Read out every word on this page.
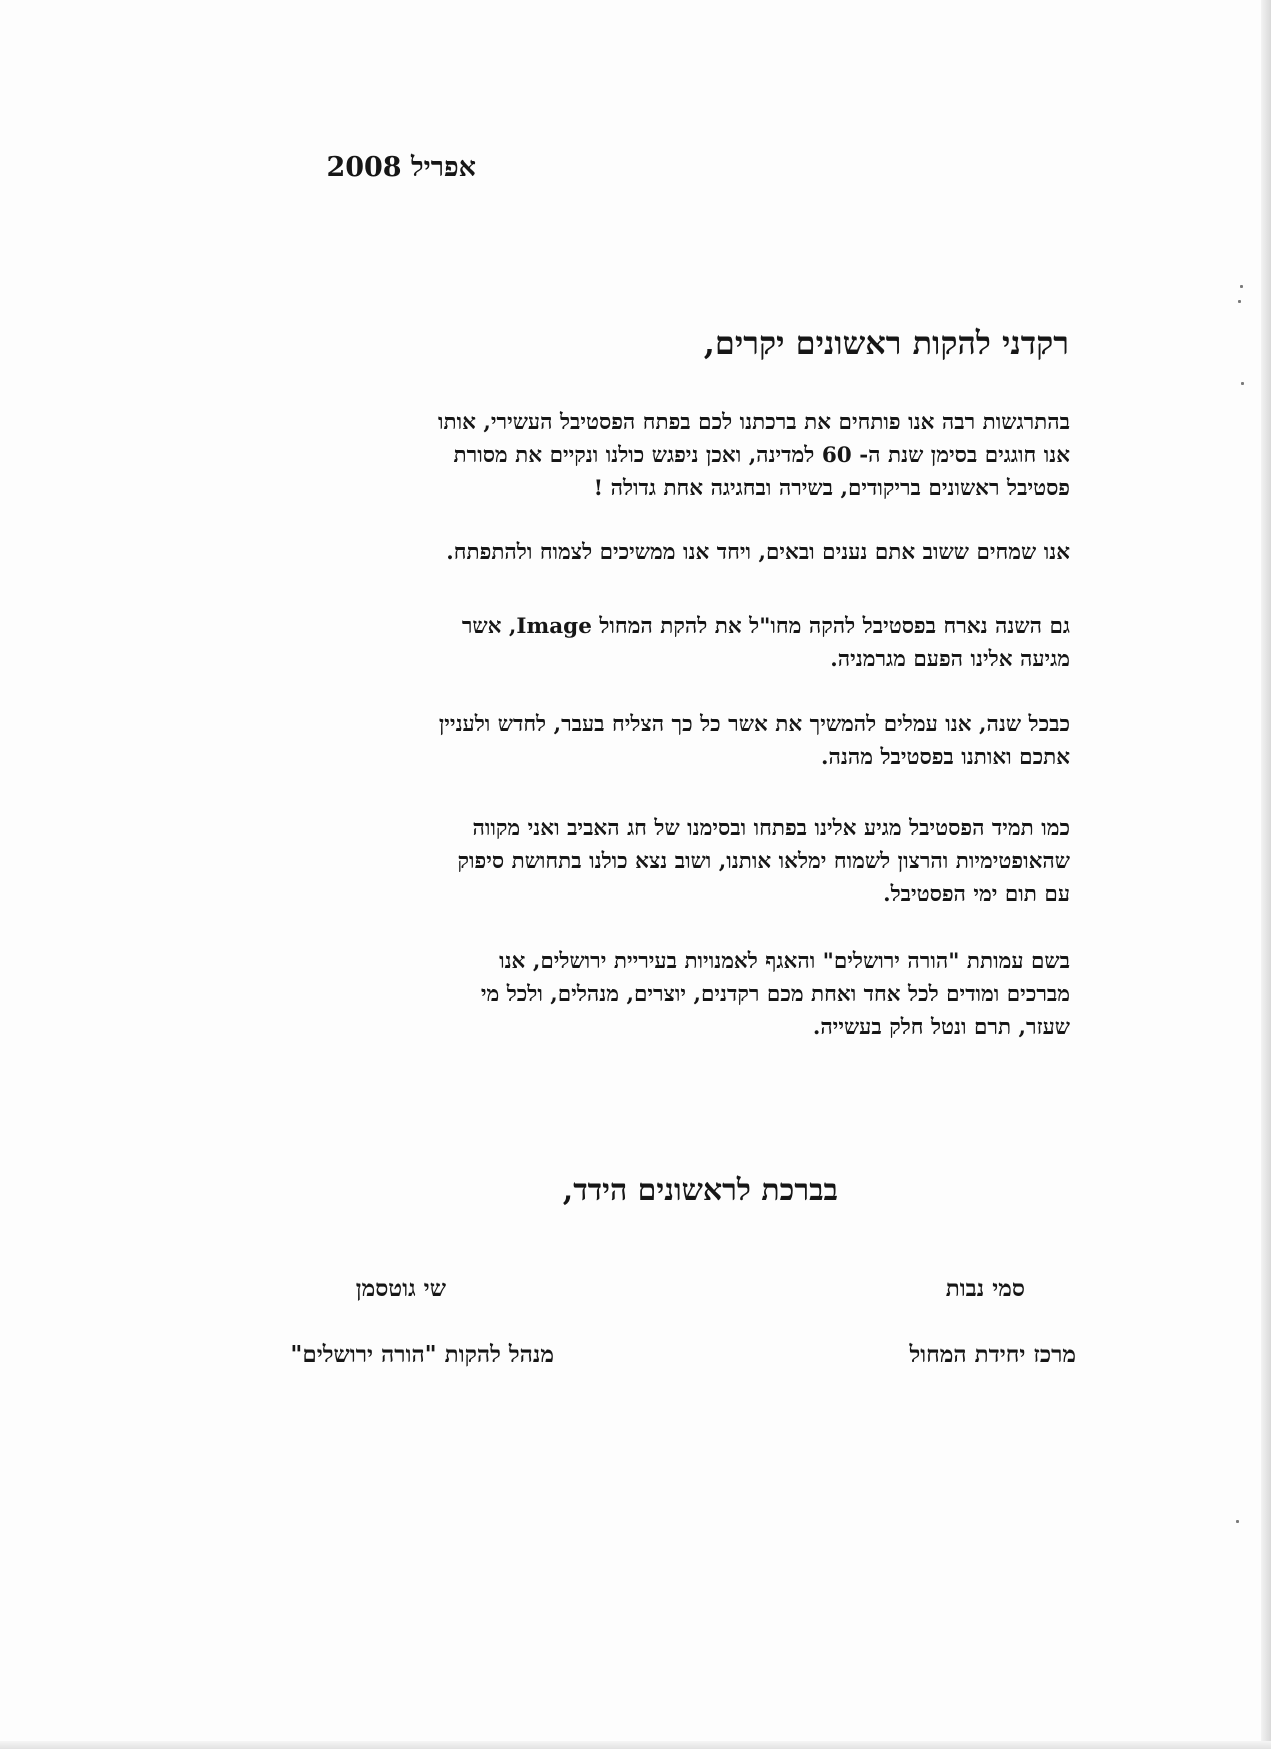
אפריל 2008

רקדני להקות ראשונים יקרים,

בהתרגשות רבה אנו פותחים את ברכתנו לכם בפתח הפסטיבל העשירי, אותו
אנו חוגגים בסימן שנת ה- 60 למדינה, ואכן ניפגש כולנו ונקיים את מסורת
פסטיבל ראשונים בריקודים, בשירה ובחגיגה אחת גדולה !
אנו שמחים ששוב אתם נענים ובאים, ויחד אנו ממשיכים לצמוח ולהתפתח.
גם השנה נארח בפסטיבל להקה מחו"ל את להקת המחול Image, אשר
מגיעה אלינו הפעם מגרמניה.
כבכל שנה, אנו עמלים להמשיך את אשר כל כך הצליח בעבר, לחדש ולעניין
אתכם ואותנו בפסטיבל מהנה.
כמו תמיד הפסטיבל מגיע אלינו בפתחו ובסימנו של חג האביב ואני מקווה
שהאופטימיות והרצון לשמוח ימלאו אותנו, ושוב נצא כולנו בתחושת סיפוק
עם תום ימי הפסטיבל.
בשם עמותת "הורה ירושלים" והאגף לאמנויות בעיריית ירושלים, אנו
מברכים ומודים לכל אחד ואחת מכם רקדנים, יוצרים, מנהלים, ולכל מי
שעזר, תרם ונטל חלק בעשייה.

בברכת לראשונים הידד,

סמי נבות

שי גוטסמן

מרכז יחידת המחול

מנהל להקות "הורה ירושלים"
